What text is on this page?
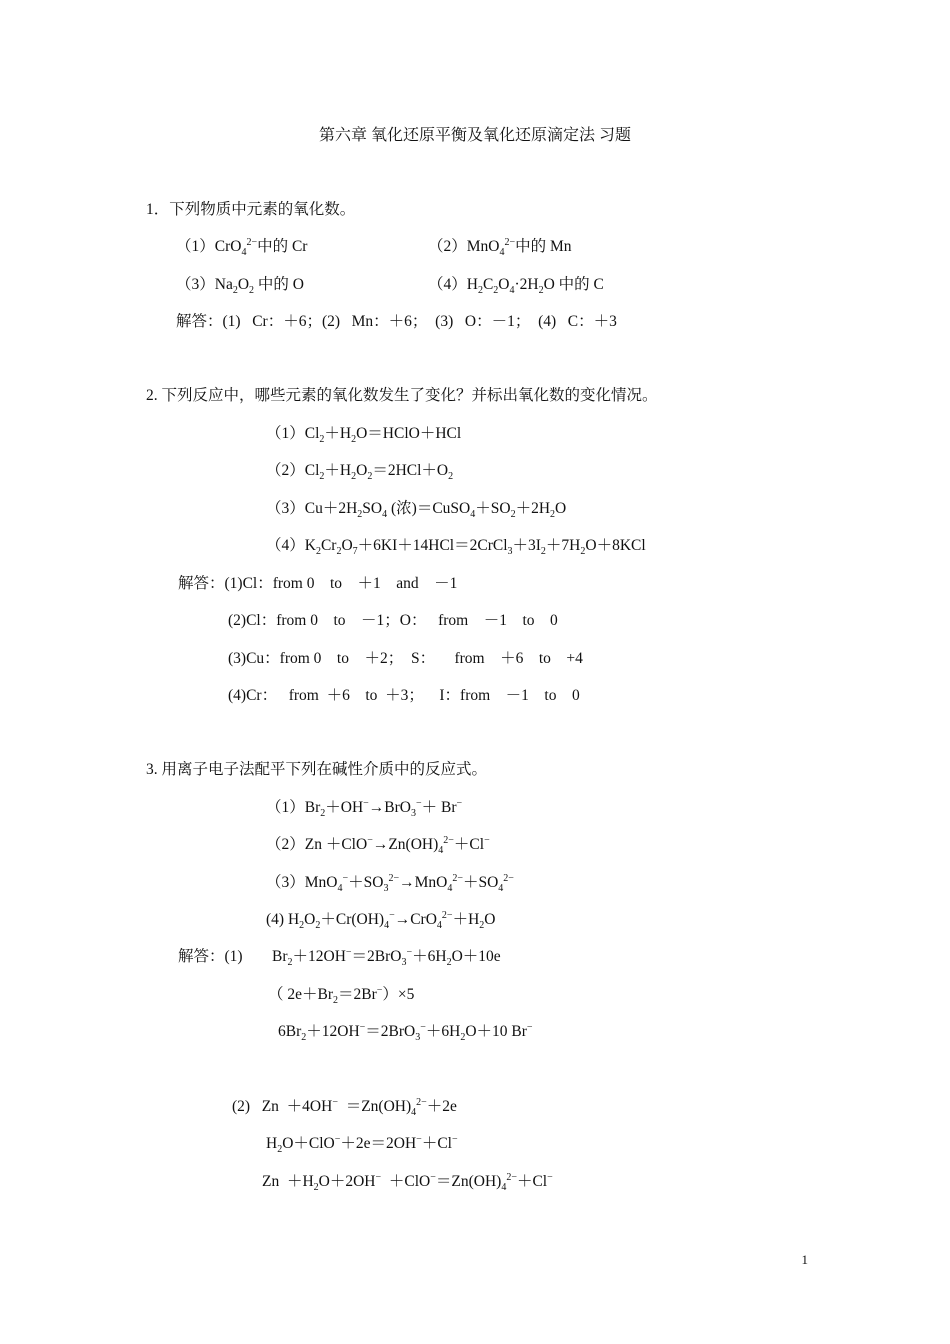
第六章 氧化还原平衡及氧化还原滴定法 习题
1．下列物质中元素的氧化数。
（1）CrO$_4^{2-}$中的 Cr	（2）MnO$_4^{2-}$中的 Mn
$(3)Na_2O_2$ 中的 O	$(4)H_2C_2O_4\cdot 2H_2O$ 中的 C
解答：(1)   Cr：＋6；(2)   Mn：＋6；  (3)   O：－1；  (4)   C：＋3
2. 下列反应中，哪些元素的氧化数发生了变化？并标出氧化数的变化情况。
$(1)Cl_2+H_2O=HClO+HCl$
$(2)Cl_2+H_2O_2=2HCl+O_2$
$(3)Cu+2H_2SO_4$ (浓)$=CuSO_4+SO_2+2H_2O$
$(4)K_2Cr_2O_7+6KI+14HCl=2CrCl_3+3I_2+7H_2O+8KCl$
解答：(1)Cl：from 0    to    ＋1    and    －1
(2)Cl：from 0    to    －1；O：   from    －1    to    0
(3)Cu：from 0    to    ＋2；  S：     from    ＋6    to    +4
(4)Cr：   from  ＋6    to  ＋3；    I：from    －1    to    0
3. 用离子电子法配平下列在碱性介质中的反应式。
$(1)Br_2+OH^-\to BrO_3^-+ Br^-$
$(2)Zn +ClO^-\to Zn(OH)_4^{2-}+Cl^-$
$(3)MnO_4^-+SO_3^{2-}\to MnO_4^{2-}+SO_4^{2-}$
(4) $H_2O_2+Cr(OH)_4^-\to CrO_4^{2-}+H_2O$
解答：(1) $Br_2+12OH^-=2BrO_3^-+6H_2O+10e$
（ $2e+Br_2=2Br^-)\times 5$
$6Br_2+12OH^-=2BrO_3^-+6H_2O+10$ Br−
(2)   $Zn +4OH^- =Zn(OH)_4^{2-}+2e$
$H_2O+ClO^-+2e=2OH^-+Cl^-$
$Zn +H_2O+2OH^- +ClO^-=Zn(OH)_4^{2-}+Cl^-$
1
